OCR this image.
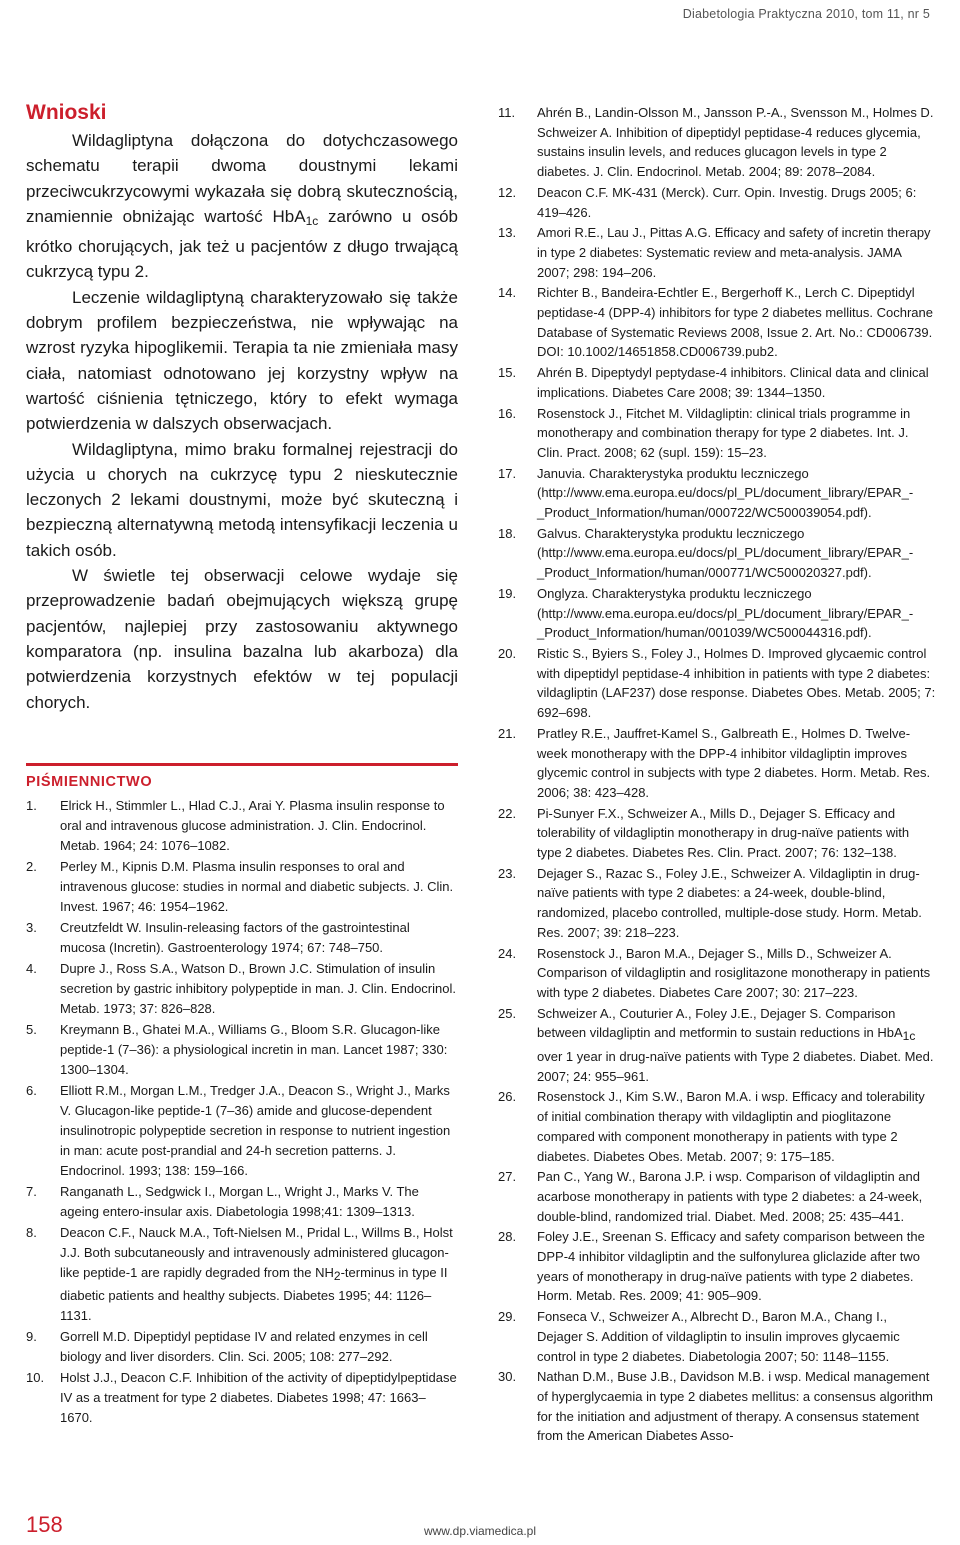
Diabetologia Praktyczna 2010, tom 11, nr 5
Wnioski

Wildagliptyna dołączona do dotychczasowego schematu terapii dwoma doustnymi lekami przeciwcukrzycowymi wykazała się dobrą skutecznością, znamiennie obniżając wartość HbA$_{1c}$ zarówno u osób krótko chorujących, jak też u pacjentów z długo trwającą cukrzycą typu 2.

Leczenie wildagliptyną charakteryzowało się także dobrym profilem bezpieczeństwa, nie wpływając na wzrost ryzyka hipoglikemii. Terapia ta nie zmieniała masy ciała, natomiast odnotowano jej korzystny wpływ na wartość ciśnienia tętniczego, który to efekt wymaga potwierdzenia w dalszych obserwacjach.

Wildagliptyna, mimo braku formalnej rejestracji do użycia u chorych na cukrzycę typu 2 nieskutecznie leczonych 2 lekami doustnymi, może być skuteczną i bezpieczną alternatywną metodą intensyfikacji leczenia u takich osób.

W świetle tej obserwacji celowe wydaje się przeprowadzenie badań obejmujących większą grupę pacjentów, najlepiej przy zastosowaniu aktywnego komparatora (np. insulina bazalna lub akarboza) dla potwierdzenia korzystnych efektów w tej populacji chorych.

PIŚMIENNICTWO
1. Elrick H., Stimmler L., Hlad C.J., Arai Y. Plasma insulin response to oral and intravenous glucose administration. J. Clin. Endocrinol. Metab. 1964; 24: 1076–1082.
2. Perley M., Kipnis D.M. Plasma insulin responses to oral and intravenous glucose: studies in normal and diabetic subjects. J. Clin. Invest. 1967; 46: 1954–1962.
3. Creutzfeldt W. Insulin-releasing factors of the gastrointestinal mucosa (Incretin). Gastroenterology 1974; 67: 748–750.
4. Dupre J., Ross S.A., Watson D., Brown J.C. Stimulation of insulin secretion by gastric inhibitory polypeptide in man. J. Clin. Endocrinol. Metab. 1973; 37: 826–828.
5. Kreymann B., Ghatei M.A., Williams G., Bloom S.R. Glucagon-like peptide-1 (7–36): a physiological incretin in man. Lancet 1987; 330: 1300–1304.
6. Elliott R.M., Morgan L.M., Tredger J.A., Deacon S., Wright J., Marks V. Glucagon-like peptide-1 (7–36) amide and glucose-dependent insulinotropic polypeptide secretion in response to nutrient ingestion in man: acute post-prandial and 24-h secretion patterns. J. Endocrinol. 1993; 138: 159–166.
7. Ranganath L., Sedgwick I., Morgan L., Wright J., Marks V. The ageing entero-insular axis. Diabetologia 1998;41: 1309–1313.
8. Deacon C.F., Nauck M.A., Toft-Nielsen M., Pridal L., Willms B., Holst J.J. Both subcutaneously and intravenously administered glucagon-like peptide-1 are rapidly degraded from the $NH_2$-terminus in type II diabetic patients and healthy subjects. Diabetes 1995; 44: 1126–1131.
9. Gorrell M.D. Dipeptidyl peptidase IV and related enzymes in cell biology and liver disorders. Clin. Sci. 2005; 108: 277–292.
10. Holst J.J., Deacon C.F. Inhibition of the activity of dipeptidylpeptidase IV as a treatment for type 2 diabetes. Diabetes 1998; 47: 1663–1670.
11. Ahrén B., Landin-Olsson M., Jansson P.-A., Svensson M., Holmes D. Schweizer A. Inhibition of dipeptidyl peptidase-4 reduces glycemia, sustains insulin levels, and reduces glucagon levels in type 2 diabetes. J. Clin. Endocrinol. Metab. 2004; 89: 2078–2084.
12. Deacon C.F. MK-431 (Merck). Curr. Opin. Investig. Drugs 2005; 6: 419–426.
13. Amori R.E., Lau J., Pittas A.G. Efficacy and safety of incretin therapy in type 2 diabetes: Systematic review and meta-analysis. JAMA 2007; 298: 194–206.
14. Richter B., Bandeira-Echtler E., Bergerhoff K., Lerch C. Dipeptidyl peptidase-4 (DPP-4) inhibitors for type 2 diabetes mellitus. Cochrane Database of Systematic Reviews 2008, Issue 2. Art. No.: CD006739. DOI: 10.1002/14651858.CD006739.pub2.
15. Ahrén B. Dipeptydyl peptydase-4 inhibitors. Clinical data and clinical implications. Diabetes Care 2008; 39: 1344–1350.
16. Rosenstock J., Fitchet M. Vildagliptin: clinical trials programme in monotherapy and combination therapy for type 2 diabetes. Int. J. Clin. Pract. 2008; 62 (supl. 159): 15–23.
17. Januvia. Charakterystyka produktu leczniczego (http://www.ema.europa.eu/docs/pl_PL/document_library/EPAR_-_Product_Information/human/000722/WC500039054.pdf).
18. Galvus. Charakterystyka produktu leczniczego (http://www.ema.europa.eu/docs/pl_PL/document_library/EPAR_-_Product_Information/human/000771/WC500020327.pdf).
19. Onglyza. Charakterystyka produktu leczniczego (http://www.ema.europa.eu/docs/pl_PL/document_library/EPAR_-_Product_Information/human/001039/WC500044316.pdf).
20. Ristic S., Byiers S., Foley J., Holmes D. Improved glycaemic control with dipeptidyl peptidase-4 inhibition in patients with type 2 diabetes: vildagliptin (LAF237) dose response. Diabetes Obes. Metab. 2005; 7: 692–698.
21. Pratley R.E., Jauffret-Kamel S., Galbreath E., Holmes D. Twelve-week monotherapy with the DPP-4 inhibitor vildagliptin improves glycemic control in subjects with type 2 diabetes. Horm. Metab. Res. 2006; 38: 423–428.
22. Pi-Sunyer F.X., Schweizer A., Mills D., Dejager S. Efficacy and tolerability of vildagliptin monotherapy in drug-naïve patients with type 2 diabetes. Diabetes Res. Clin. Pract. 2007; 76: 132–138.
23. Dejager S., Razac S., Foley J.E., Schweizer A. Vildagliptin in drug-naïve patients with type 2 diabetes: a 24-week, double-blind, randomized, placebo controlled, multiple-dose study. Horm. Metab. Res. 2007; 39: 218–223.
24. Rosenstock J., Baron M.A., Dejager S., Mills D., Schweizer A. Comparison of vildagliptin and rosiglitazone monotherapy in patients with type 2 diabetes. Diabetes Care 2007; 30: 217–223.
25. Schweizer A., Couturier A., Foley J.E., Dejager S. Comparison between vildagliptin and metformin to sustain reductions in HbA$_{1c}$ over 1 year in drug-naïve patients with Type 2 diabetes. Diabet. Med. 2007; 24: 955–961.
26. Rosenstock J., Kim S.W., Baron M.A. i wsp. Efficacy and tolerability of initial combination therapy with vildagliptin and pioglitazone compared with component monotherapy in patients with type 2 diabetes. Diabetes Obes. Metab. 2007; 9: 175–185.
27. Pan C., Yang W., Barona J.P. i wsp. Comparison of vildagliptin and acarbose monotherapy in patients with type 2 diabetes: a 24-week, double-blind, randomized trial. Diabet. Med. 2008; 25: 435–441.
28. Foley J.E., Sreenan S. Efficacy and safety comparison between the DPP-4 inhibitor vildagliptin and the sulfonylurea gliclazide after two years of monotherapy in drug-naïve patients with type 2 diabetes. Horm. Metab. Res. 2009; 41: 905–909.
29. Fonseca V., Schweizer A., Albrecht D., Baron M.A., Chang I., Dejager S. Addition of vildagliptin to insulin improves glycaemic control in type 2 diabetes. Diabetologia 2007; 50: 1148–1155.
30. Nathan D.M., Buse J.B., Davidson M.B. i wsp. Medical management of hyperglycaemia in type 2 diabetes mellitus: a consensus algorithm for the initiation and adjustment of therapy. A consensus statement from the American Diabetes Asso-
158	www.dp.viamedica.pl
